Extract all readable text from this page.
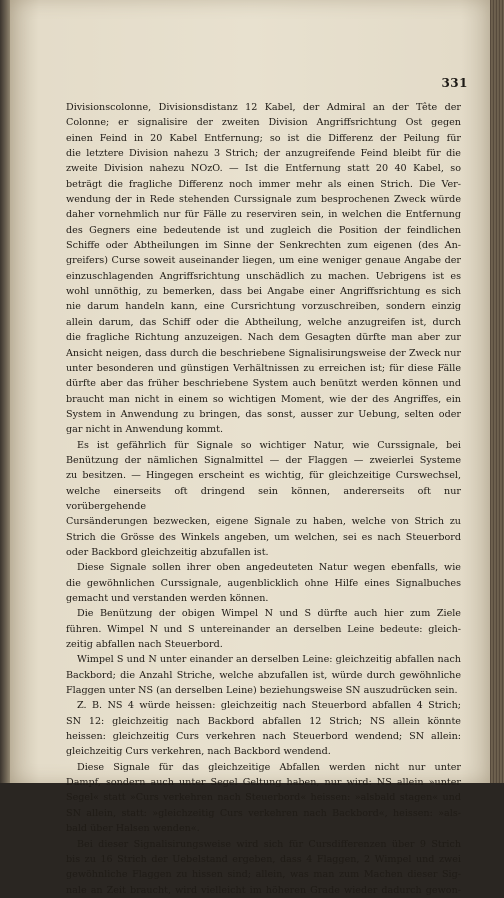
331

Divisionscolonne, Divisionsdistanz 12 Kabel, der Admiral an der Tête der

Colonne; er signalisire der zweiten Division Angriffsrichtung Ost gegen

einen Feind in 20 Kabel Entfernung; so ist die Differenz der Peilung für

die letztere Division nahezu 3 Strich; der anzugreifende Feind bleibt für die

zweite Division nahezu NOzO. — Ist die Entfernung statt 20 40 Kabel, so

beträgt die fragliche Differenz noch immer mehr als einen Strich. Die Ver-

wendung der in Rede stehenden Curssignale zum besprochenen Zweck würde

daher vornehmlich nur für Fälle zu reserviren sein, in welchen die Entfernung

des Gegners eine bedeutende ist und zugleich die Position der feindlichen

Schiffe oder Abtheilungen im Sinne der Senkrechten zum eigenen (des An-

greifers) Curse soweit auseinander liegen, um eine weniger genaue Angabe der

einzuschlagenden Angriffsrichtung unschädlich zu machen. Uebrigens ist es

wohl unnöthig, zu bemerken, dass bei Angabe einer Angriffsrichtung es sich

nie darum handeln kann, eine Cursrichtung vorzuschreiben, sondern einzig

allein darum, das Schiff oder die Abtheilung, welche anzugreifen ist, durch

die fragliche Richtung anzuzeigen. Nach dem Gesagten dürfte man aber zur

Ansicht neigen, dass durch die beschriebene Signalisirungsweise der Zweck nur

unter besonderen und günstigen Verhältnissen zu erreichen ist; für diese Fälle

dürfte aber das früher beschriebene System auch benützt werden können und

braucht man nicht in einem so wichtigen Moment, wie der des Angriffes, ein

System in Anwendung zu bringen, das sonst, ausser zur Uebung, selten oder

gar nicht in Anwendung kommt.

Es ist gefährlich für Signale so wichtiger Natur, wie Curssignale, bei

Benützung der nämlichen Signalmittel — der Flaggen — zweierlei Systeme

zu besitzen. — Hingegen erscheint es wichtig, für gleichzeitige Curswechsel,

welche einerseits oft dringend sein können, andererseits oft nur vorübergehende

Cursänderungen bezwecken, eigene Signale zu haben, welche von Strich zu

Strich die Grösse des Winkels angeben, um welchen, sei es nach Steuerbord

oder Backbord gleichzeitig abzufallen ist.

Diese Signale sollen ihrer oben angedeuteten Natur wegen ebenfalls, wie

die gewöhnlichen Curssignale, augenblicklich ohne Hilfe eines Signalbuches

gemacht und verstanden werden können.

Die Benützung der obigen Wimpel N und S dürfte auch hier zum Ziele

führen. Wimpel N und S untereinander an derselben Leine bedeute: gleich-

zeitig abfallen nach Steuerbord.

Wimpel S und N unter einander an derselben Leine: gleichzeitig abfallen nach

Backbord; die Anzahl Striche, welche abzufallen ist, würde durch gewöhnliche

Flaggen unter NS (an derselben Leine) beziehungsweise SN auszudrücken sein.

Z. B. NS 4 würde heissen: gleichzeitig nach Steuerbord abfallen 4 Strich;

SN 12: gleichzeitig nach Backbord abfallen 12 Strich; NS allein könnte

heissen: gleichzeitig Curs verkehren nach Steuerbord wendend; SN allein:

gleichzeitig Curs verkehren, nach Backbord wendend.

Diese Signale für das gleichzeitige Abfallen werden nicht nur unter

Dampf, sondern auch unter Segel Geltung haben, nur wird: NS allein »unter

Segel« statt »Curs verkehren nach Steuerbord« heissen: »alsbald stagen« und

SN allein, statt: »gleichzeitig Curs verkehren nach Backbord«, heissen: »als-

bald über Halsen wenden«.

Bei dieser Signalisirungsweise wird sich für Cursdifferenzen über 9 Strich

bis zu 16 Strich der Uebelstand ergeben, dass 4 Flaggen, 2 Wimpel und zwei

gewöhnliche Flaggen zu hissen sind; allein, was man zum Machen dieser Sig-

nale an Zeit braucht, wird vielleicht im höheren Grade wieder dadurch gewon-
